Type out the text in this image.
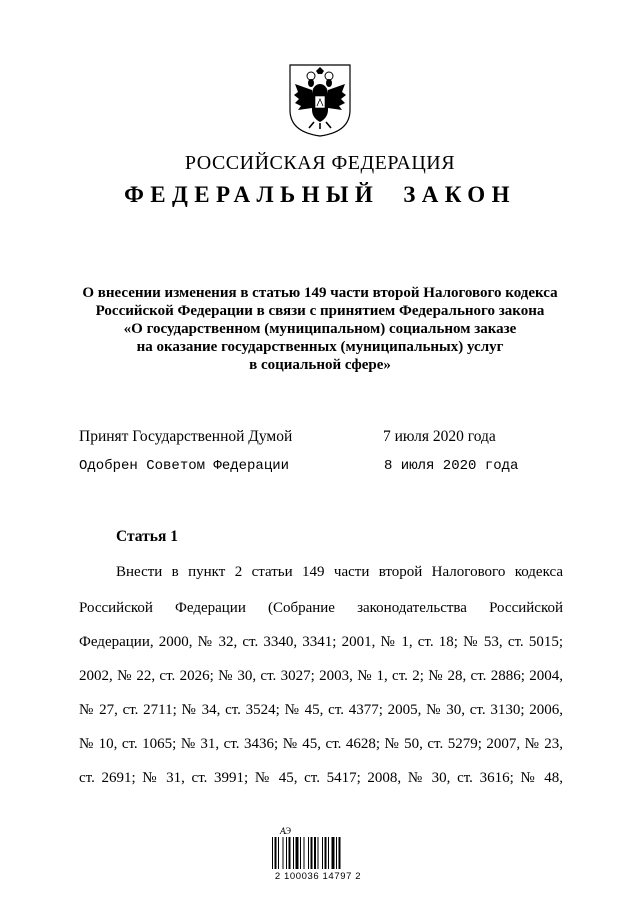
РОССИЙСКАЯ ФЕДЕРАЦИЯ
ФЕДЕРАЛЬНЫЙ ЗАКОН
О внесении изменения в статью 149 части второй Налогового кодекса
Российской Федерации в связи с принятием Федерального закона
«О государственном (муниципальном) социальном заказе
на оказание государственных (муниципальных) услуг
в социальной сфере»
Принят Государственной Думой	7 июля 2020 года
Одобрен Советом Федерации	8 июля 2020 года
Статья 1
Внести в пункт 2 статьи 149 части второй Налогового кодекса
Российской Федерации (Собрание законодательства Российской
Федерации, 2000, № 32, ст. 3340, 3341; 2001, № 1, ст. 18; № 53, ст. 5015;
2002, № 22, ст. 2026; № 30, ст. 3027; 2003, № 1, ст. 2; № 28, ст. 2886; 2004,
№ 27, ст. 2711; № 34, ст. 3524; № 45, ст. 4377; 2005, № 30, ст. 3130; 2006,
№ 10, ст. 1065; № 31, ст. 3436; № 45, ст. 4628; № 50, ст. 5279; 2007, № 23,
ст. 2691; № 31, ст. 3991; № 45, ст. 5417; 2008, № 30, ст. 3616; № 48,
АЭ
2 100036 14797 2
